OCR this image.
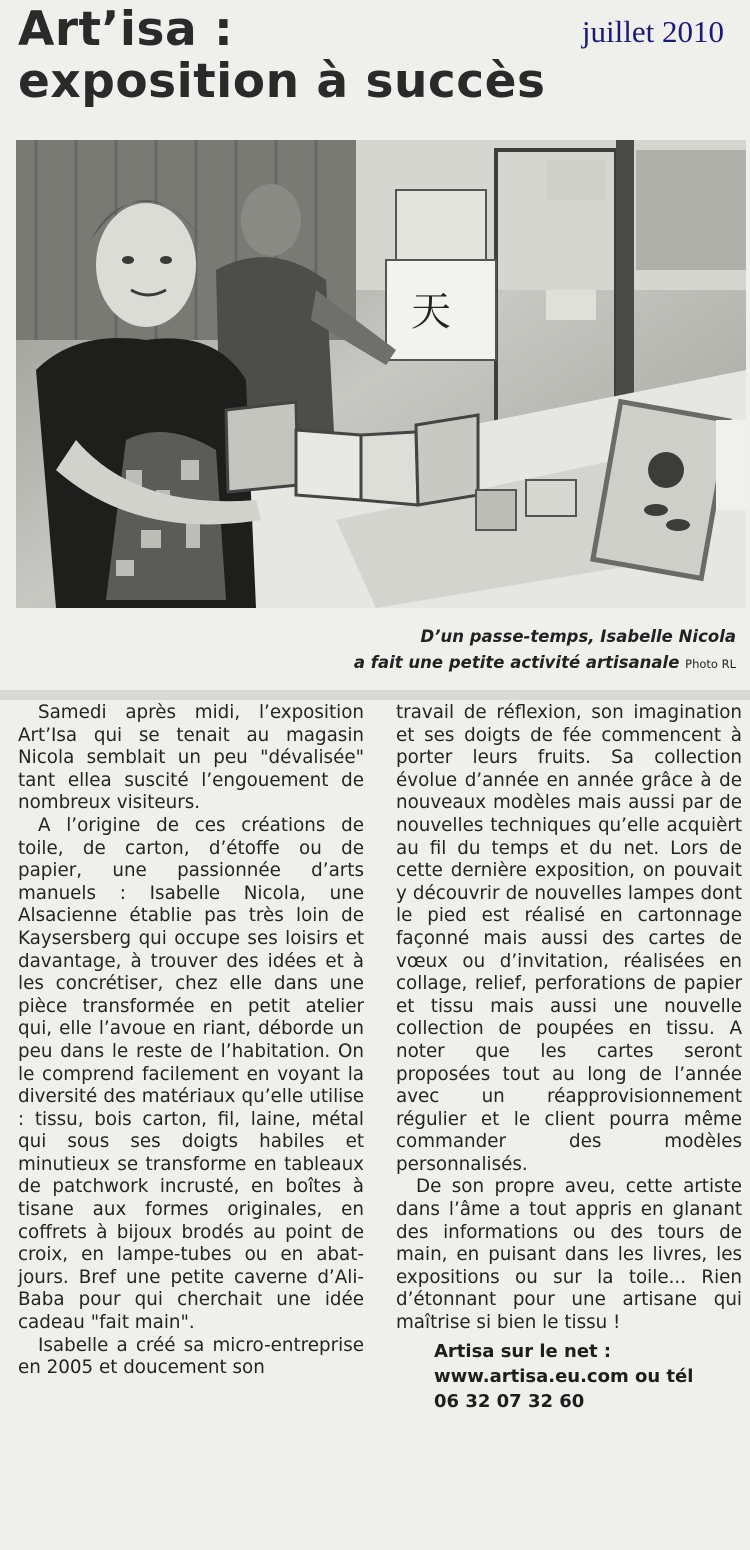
Art’isa :
exposition à succès
juillet 2010
天
D’un passe-temps, Isabelle Nicola
a fait une petite activité artisanale Photo RL

Samedi après midi, l’exposition Art’Isa qui se tenait au magasin Nicola semblait un peu "dévalisée" tant ellea suscité l’engouement de nombreux visiteurs.

A l’origine de ces créations de toile, de carton, d’étoffe ou de papier, une passionnée d’arts manuels : Isabelle Nicola, une Alsacienne établie pas très loin de Kaysersberg qui occupe ses loisirs et davantage, à trouver des idées et à les concrétiser, chez elle dans une pièce transformée en petit atelier qui, elle l’avoue en riant, déborde un peu dans le reste de l’habitation. On le comprend facilement en voyant la diversité des matériaux qu’elle utilise : tissu, bois carton, fil, laine, métal qui sous ses doigts habiles et minutieux se transforme en tableaux de patchwork incrusté, en boîtes à tisane aux formes originales, en coffrets à bijoux brodés au point de croix, en lampe-tubes ou en abat-jours. Bref une petite caverne d’Ali-Baba pour qui cherchait une idée cadeau "fait main".

Isabelle a créé sa micro-entreprise en 2005 et doucement son

travail de réflexion, son imagination et ses doigts de fée commencent à porter leurs fruits. Sa collection évolue d’année en année grâce à de nouveaux modèles mais aussi par de nouvelles techniques qu’elle acquièrt au fil du temps et du net. Lors de cette dernière exposition, on pouvait y découvrir de nouvelles lampes dont le pied est réalisé en cartonnage façonné mais aussi des cartes de vœux ou d’invitation, réalisées en collage, relief, perforations de papier et tissu mais aussi une nouvelle collection de poupées en tissu. A noter que les cartes seront proposées tout au long de l’année avec un réapprovisionnement régulier et le client pourra même commander des modèles personnalisés.

De son propre aveu, cette artiste dans l’âme a tout appris en glanant des informations ou des tours de main, en puisant dans les livres, les expositions ou sur la toile... Rien d’étonnant pour une artisane qui maîtrise si bien le tissu !

Artisa sur le net :
www.artisa.eu.com ou tél
06 32 07 32 60
